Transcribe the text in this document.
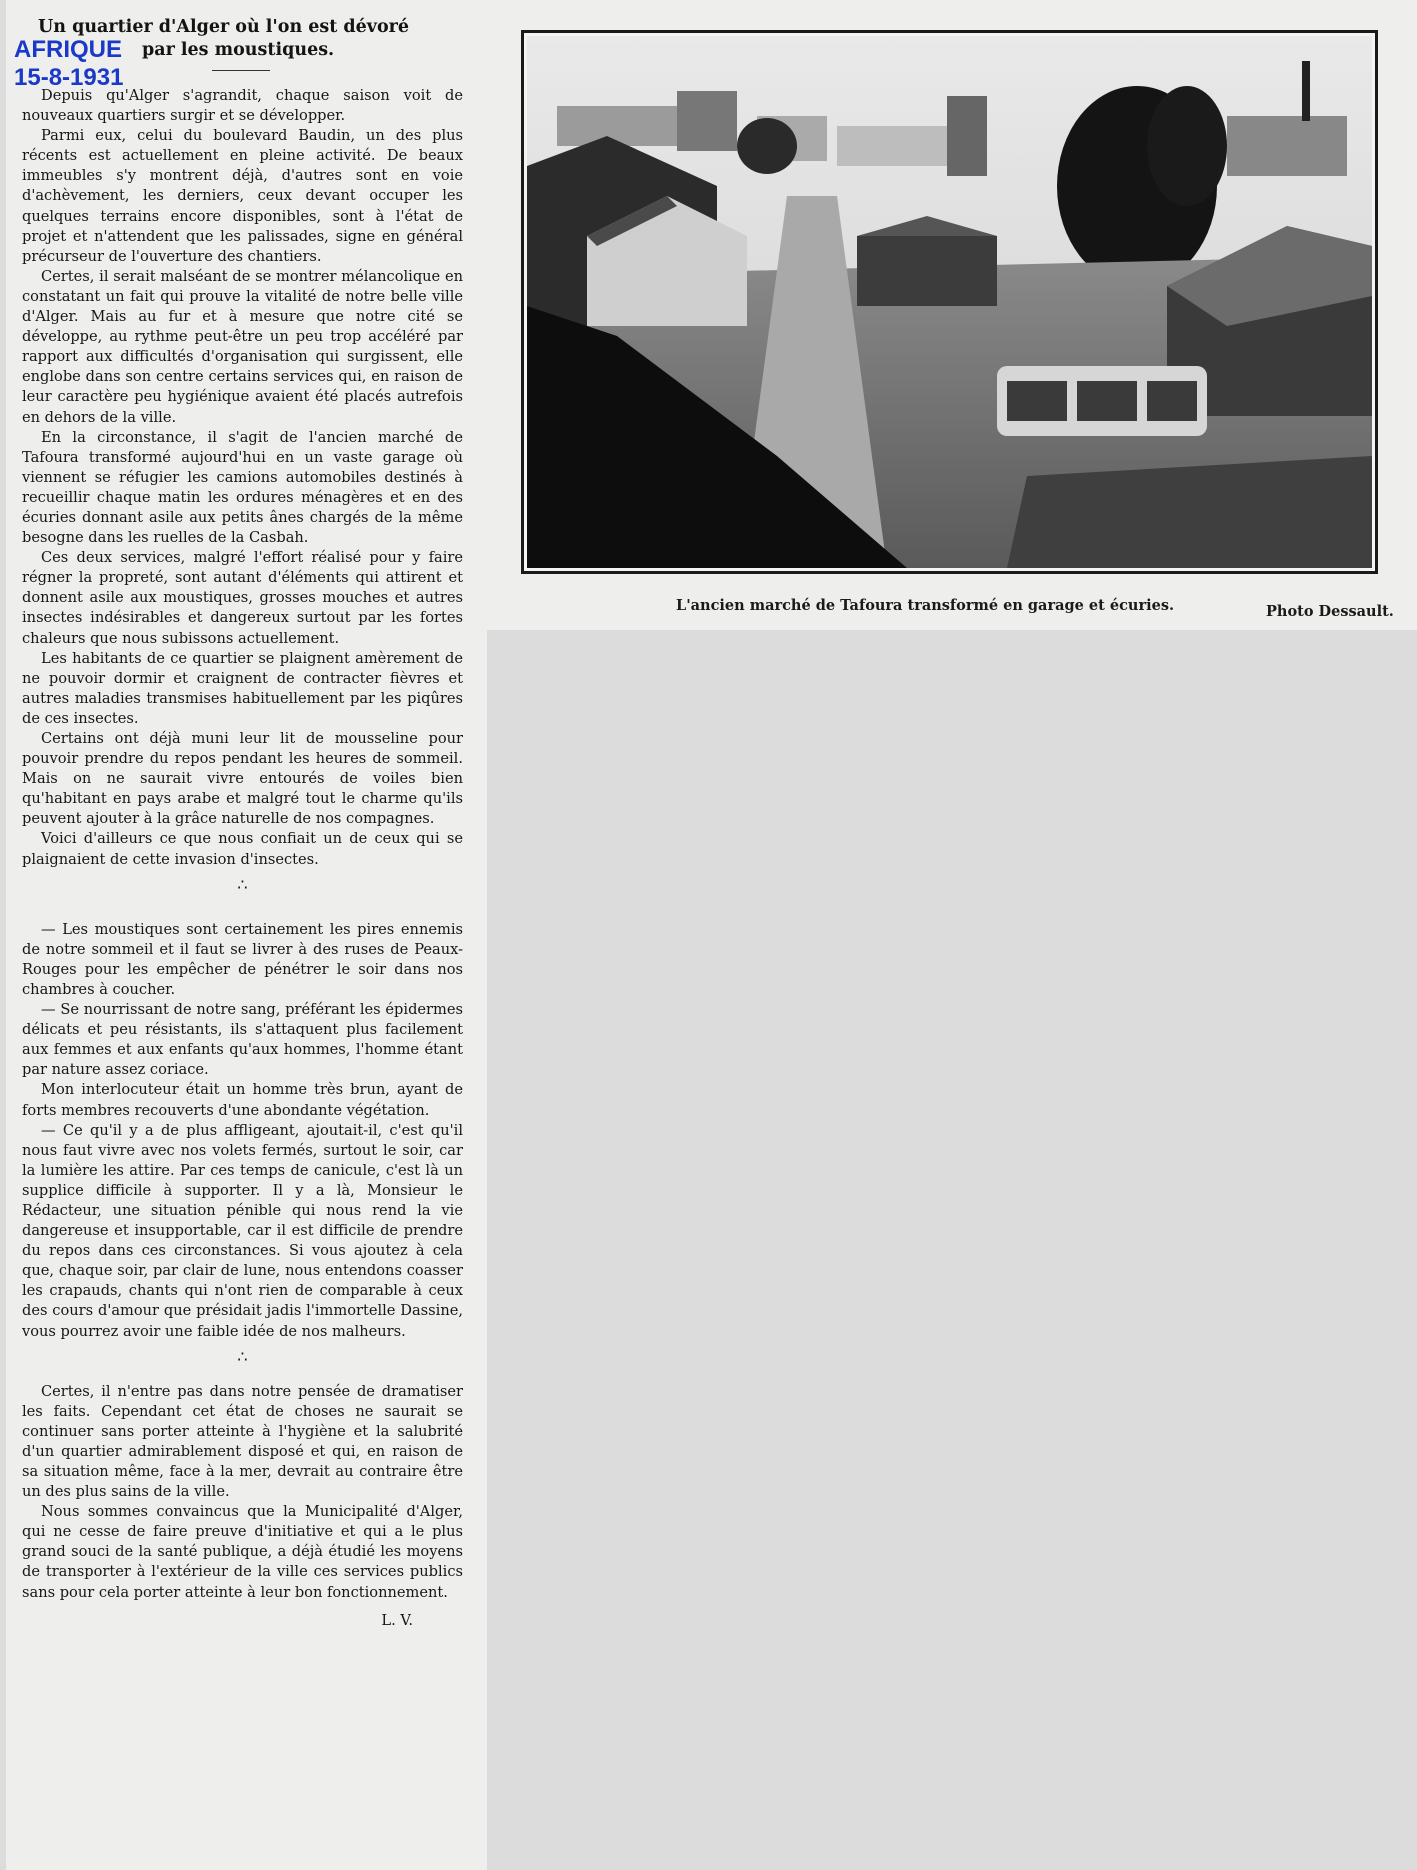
Un quartier d'Alger où l'on est dévoré
par les moustiques.
AFRIQUE
15-8-1931

Depuis qu'Alger s'agrandit, chaque saison voit de nouveaux quartiers surgir et se développer.

Parmi eux, celui du boulevard Baudin, un des plus récents est actuellement en pleine activité. De beaux immeubles s'y montrent déjà, d'autres sont en voie d'achèvement, les derniers, ceux devant occuper les quelques terrains encore disponibles, sont à l'état de projet et n'attendent que les palissades, signe en général précurseur de l'ouverture des chantiers.

Certes, il serait malséant de se montrer mélancolique en constatant un fait qui prouve la vitalité de notre belle ville d'Alger. Mais au fur et à mesure que notre cité se développe, au rythme peut-être un peu trop accéléré par rapport aux difficultés d'organisation qui surgissent, elle englobe dans son centre certains services qui, en raison de leur caractère peu hygiénique avaient été placés autrefois en dehors de la ville.

En la circonstance, il s'agit de l'ancien marché de Tafoura transformé aujourd'hui en un vaste garage où viennent se réfugier les camions automobiles destinés à recueillir chaque matin les ordures ménagères et en des écuries donnant asile aux petits ânes chargés de la même besogne dans les ruelles de la Casbah.

Ces deux services, malgré l'effort réalisé pour y faire régner la propreté, sont autant d'éléments qui attirent et donnent asile aux moustiques, grosses mouches et autres insectes indésirables et dangereux surtout par les fortes chaleurs que nous subissons actuellement.

Les habitants de ce quartier se plaignent amèrement de ne pouvoir dormir et craignent de contracter fièvres et autres maladies transmises habituellement par les piqûres de ces insectes.

Certains ont déjà muni leur lit de mousseline pour pouvoir prendre du repos pendant les heures de sommeil. Mais on ne saurait vivre entourés de voiles bien qu'habitant en pays arabe et malgré tout le charme qu'ils peuvent ajouter à la grâce naturelle de nos compagnes.

Voici d'ailleurs ce que nous confiait un de ceux qui se plaignaient de cette invasion d'insectes.

∴

— Les moustiques sont certainement les pires ennemis de notre sommeil et il faut se livrer à des ruses de Peaux-Rouges pour les empêcher de pénétrer le soir dans nos chambres à coucher.

— Se nourrissant de notre sang, préférant les épidermes délicats et peu résistants, ils s'attaquent plus facilement aux femmes et aux enfants qu'aux hommes, l'homme étant par nature assez coriace.

Mon interlocuteur était un homme très brun, ayant de forts membres recouverts d'une abondante végétation.

— Ce qu'il y a de plus affligeant, ajoutait-il, c'est qu'il nous faut vivre avec nos volets fermés, surtout le soir, car la lumière les attire. Par ces temps de canicule, c'est là un supplice difficile à supporter. Il y a là, Monsieur le Rédacteur, une situation pénible qui nous rend la vie dangereuse et insupportable, car il est difficile de prendre du repos dans ces circonstances. Si vous ajoutez à cela que, chaque soir, par clair de lune, nous entendons coasser les crapauds, chants qui n'ont rien de comparable à ceux des cours d'amour que présidait jadis l'immortelle Dassine, vous pourrez avoir une faible idée de nos malheurs.

∴

Certes, il n'entre pas dans notre pensée de dramatiser les faits. Cependant cet état de choses ne saurait se continuer sans porter atteinte à l'hygiène et la salubrité d'un quartier admirablement disposé et qui, en raison de sa situation même, face à la mer, devrait au contraire être un des plus sains de la ville.

Nous sommes convaincus que la Municipalité d'Alger, qui ne cesse de faire preuve d'initiative et qui a le plus grand souci de la santé publique, a déjà étudié les moyens de transporter à l'extérieur de la ville ces services publics sans pour cela porter atteinte à leur bon fonctionnement.

L. V.

L'ancien marché de Tafoura transformé en garage et écuries.	Photo Dessault.
